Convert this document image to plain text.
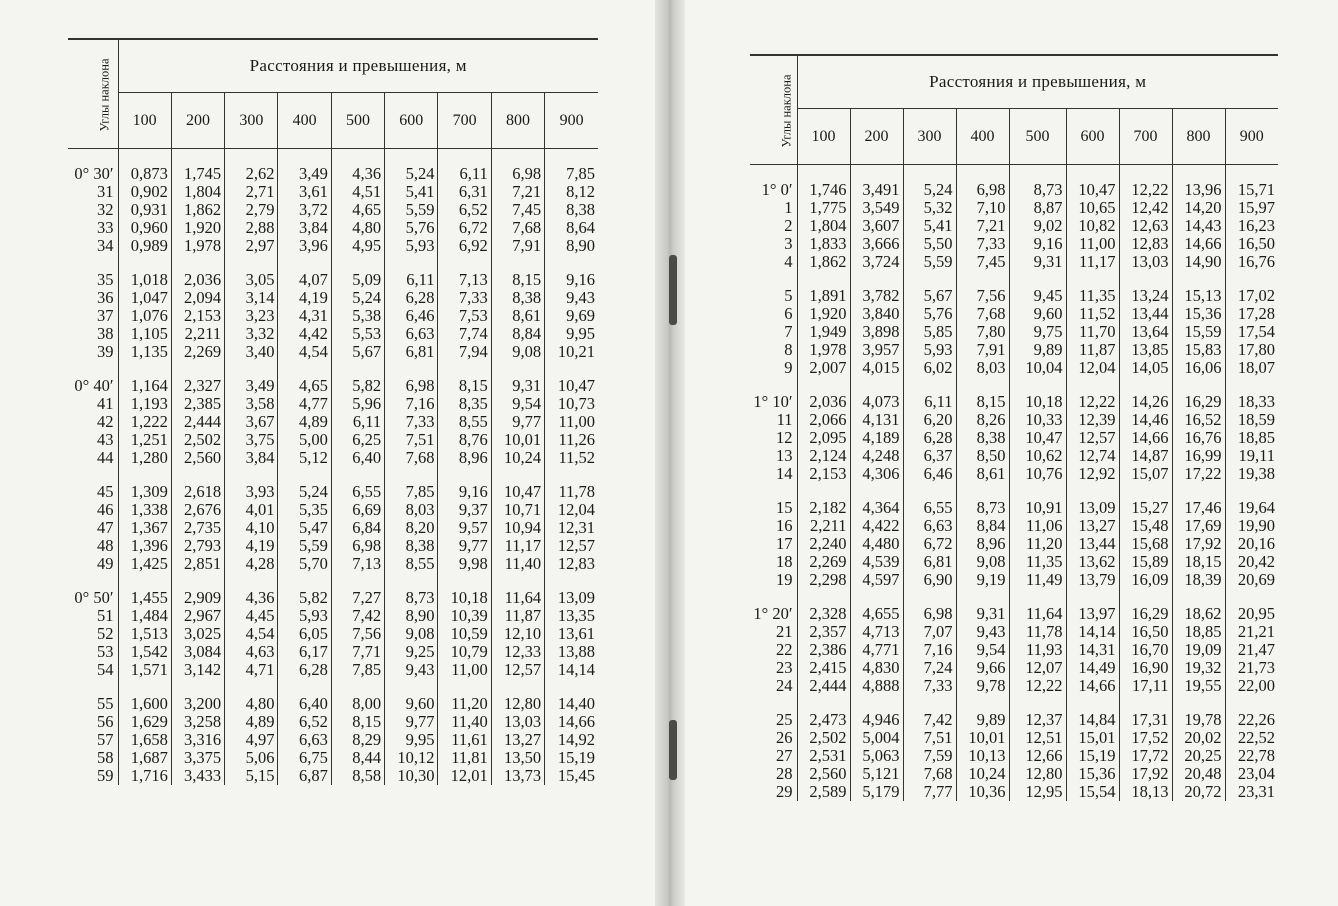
Углы наклона	Расстояния и превышения, м								
	100	200	300	400	500	600	700	800	900

0° 30′	0,873	1,745	2,62	3,49	4,36	5,24	6,11	6,98	7,85
31	0,902	1,804	2,71	3,61	4,51	5,41	6,31	7,21	8,12
32	0,931	1,862	2,79	3,72	4,65	5,59	6,52	7,45	8,38
33	0,960	1,920	2,88	3,84	4,80	5,76	6,72	7,68	8,64
34	0,989	1,978	2,97	3,96	4,95	5,93	6,92	7,91	8,90

35	1,018	2,036	3,05	4,07	5,09	6,11	7,13	8,15	9,16
36	1,047	2,094	3,14	4,19	5,24	6,28	7,33	8,38	9,43
37	1,076	2,153	3,23	4,31	5,38	6,46	7,53	8,61	9,69
38	1,105	2,211	3,32	4,42	5,53	6,63	7,74	8,84	9,95
39	1,135	2,269	3,40	4,54	5,67	6,81	7,94	9,08	10,21

0° 40′	1,164	2,327	3,49	4,65	5,82	6,98	8,15	9,31	10,47
41	1,193	2,385	3,58	4,77	5,96	7,16	8,35	9,54	10,73
42	1,222	2,444	3,67	4,89	6,11	7,33	8,55	9,77	11,00
43	1,251	2,502	3,75	5,00	6,25	7,51	8,76	10,01	11,26
44	1,280	2,560	3,84	5,12	6,40	7,68	8,96	10,24	11,52

45	1,309	2,618	3,93	5,24	6,55	7,85	9,16	10,47	11,78
46	1,338	2,676	4,01	5,35	6,69	8,03	9,37	10,71	12,04
47	1,367	2,735	4,10	5,47	6,84	8,20	9,57	10,94	12,31
48	1,396	2,793	4,19	5,59	6,98	8,38	9,77	11,17	12,57
49	1,425	2,851	4,28	5,70	7,13	8,55	9,98	11,40	12,83

0° 50′	1,455	2,909	4,36	5,82	7,27	8,73	10,18	11,64	13,09
51	1,484	2,967	4,45	5,93	7,42	8,90	10,39	11,87	13,35
52	1,513	3,025	4,54	6,05	7,56	9,08	10,59	12,10	13,61
53	1,542	3,084	4,63	6,17	7,71	9,25	10,79	12,33	13,88
54	1,571	3,142	4,71	6,28	7,85	9,43	11,00	12,57	14,14

55	1,600	3,200	4,80	6,40	8,00	9,60	11,20	12,80	14,40
56	1,629	3,258	4,89	6,52	8,15	9,77	11,40	13,03	14,66
57	1,658	3,316	4,97	6,63	8,29	9,95	11,61	13,27	14,92
58	1,687	3,375	5,06	6,75	8,44	10,12	11,81	13,50	15,19
59	1,716	3,433	5,15	6,87	8,58	10,30	12,01	13,73	15,45
Углы наклона	Расстояния и превышения, м								
	100	200	300	400	500	600	700	800	900

1° 0′	1,746	3,491	5,24	6,98	8,73	10,47	12,22	13,96	15,71
1	1,775	3,549	5,32	7,10	8,87	10,65	12,42	14,20	15,97
2	1,804	3,607	5,41	7,21	9,02	10,82	12,63	14,43	16,23
3	1,833	3,666	5,50	7,33	9,16	11,00	12,83	14,66	16,50
4	1,862	3,724	5,59	7,45	9,31	11,17	13,03	14,90	16,76

5	1,891	3,782	5,67	7,56	9,45	11,35	13,24	15,13	17,02
6	1,920	3,840	5,76	7,68	9,60	11,52	13,44	15,36	17,28
7	1,949	3,898	5,85	7,80	9,75	11,70	13,64	15,59	17,54
8	1,978	3,957	5,93	7,91	9,89	11,87	13,85	15,83	17,80
9	2,007	4,015	6,02	8,03	10,04	12,04	14,05	16,06	18,07

1° 10′	2,036	4,073	6,11	8,15	10,18	12,22	14,26	16,29	18,33
11	2,066	4,131	6,20	8,26	10,33	12,39	14,46	16,52	18,59
12	2,095	4,189	6,28	8,38	10,47	12,57	14,66	16,76	18,85
13	2,124	4,248	6,37	8,50	10,62	12,74	14,87	16,99	19,11
14	2,153	4,306	6,46	8,61	10,76	12,92	15,07	17,22	19,38

15	2,182	4,364	6,55	8,73	10,91	13,09	15,27	17,46	19,64
16	2,211	4,422	6,63	8,84	11,06	13,27	15,48	17,69	19,90
17	2,240	4,480	6,72	8,96	11,20	13,44	15,68	17,92	20,16
18	2,269	4,539	6,81	9,08	11,35	13,62	15,89	18,15	20,42
19	2,298	4,597	6,90	9,19	11,49	13,79	16,09	18,39	20,69

1° 20′	2,328	4,655	6,98	9,31	11,64	13,97	16,29	18,62	20,95
21	2,357	4,713	7,07	9,43	11,78	14,14	16,50	18,85	21,21
22	2,386	4,771	7,16	9,54	11,93	14,31	16,70	19,09	21,47
23	2,415	4,830	7,24	9,66	12,07	14,49	16,90	19,32	21,73
24	2,444	4,888	7,33	9,78	12,22	14,66	17,11	19,55	22,00

25	2,473	4,946	7,42	9,89	12,37	14,84	17,31	19,78	22,26
26	2,502	5,004	7,51	10,01	12,51	15,01	17,52	20,02	22,52
27	2,531	5,063	7,59	10,13	12,66	15,19	17,72	20,25	22,78
28	2,560	5,121	7,68	10,24	12,80	15,36	17,92	20,48	23,04
29	2,589	5,179	7,77	10,36	12,95	15,54	18,13	20,72	23,31
